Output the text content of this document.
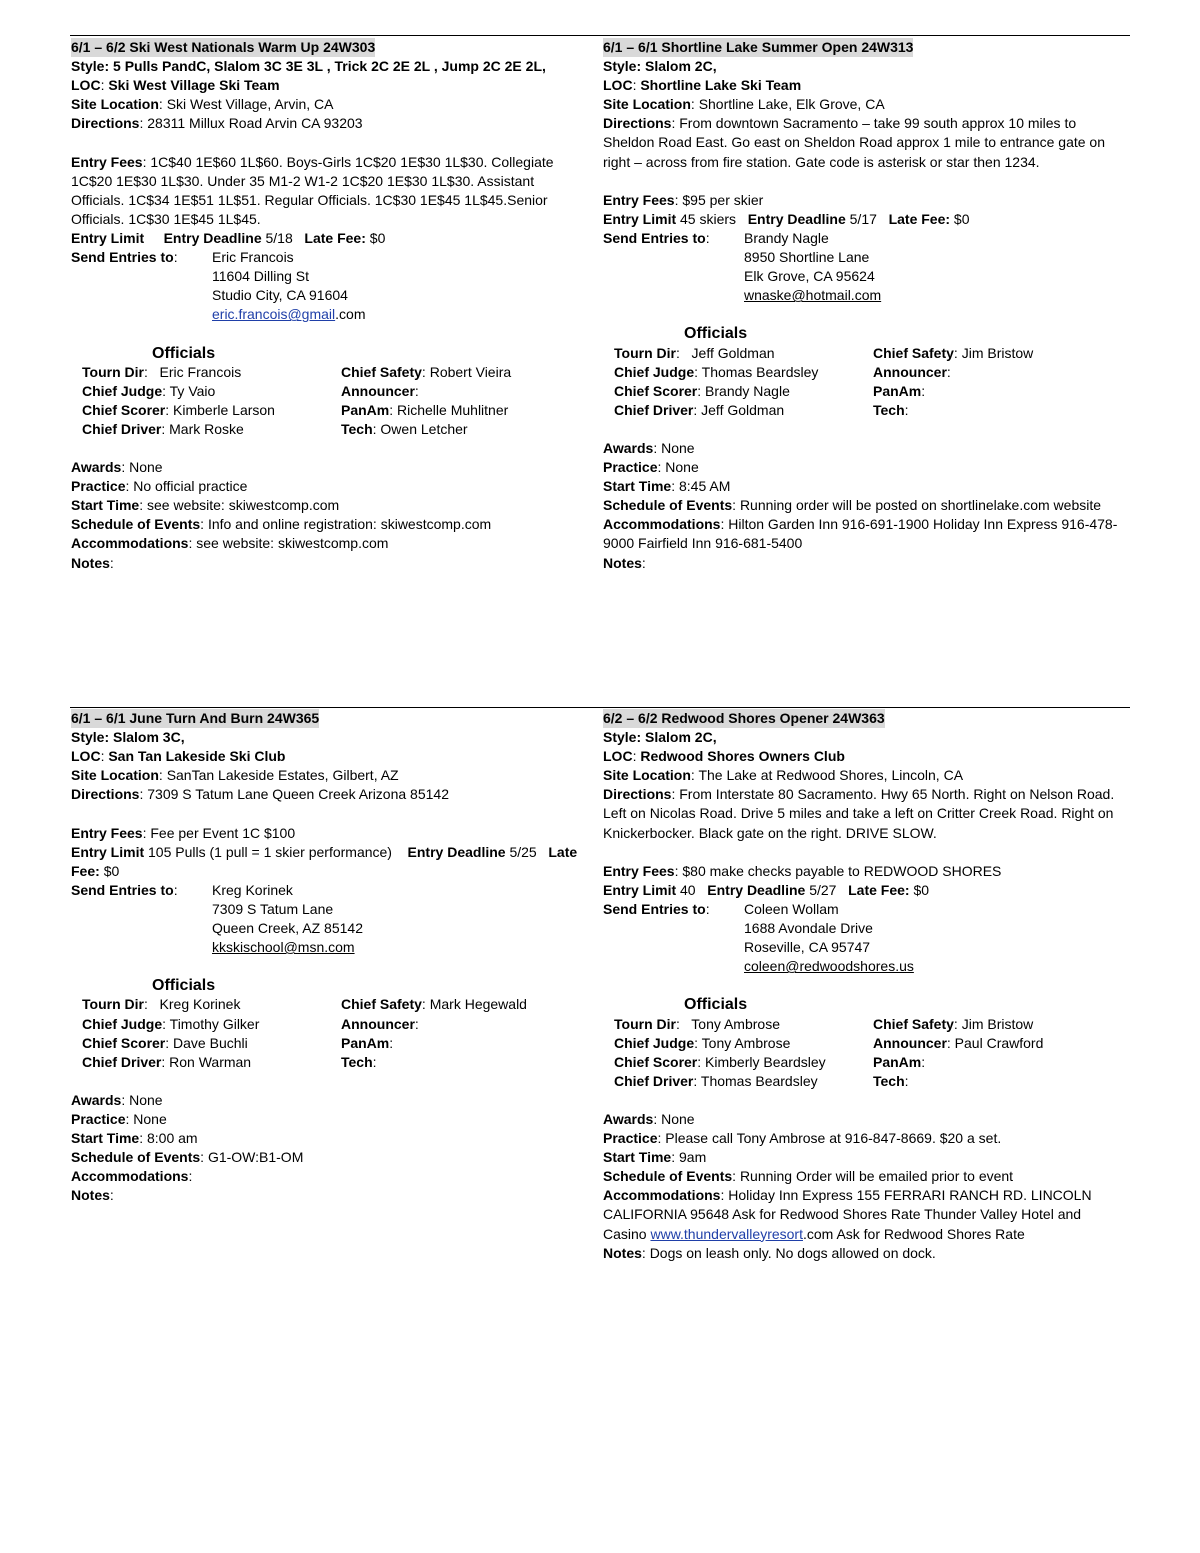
6/1 – 6/2 Ski West Nationals Warm Up 24W303
Style: 5 Pulls PandC, Slalom 3C 3E 3L , Trick 2C 2E 2L , Jump 2C 2E 2L,
LOC: Ski West Village Ski Team
Site Location: Ski West Village, Arvin, CA
Directions: 28311 Millux Road Arvin CA 93203
Entry Fees: 1C$40 1E$60 1L$60. Boys-Girls 1C$20 1E$30 1L$30. Collegiate 1C$20 1E$30 1L$30. Under 35 M1-2 W1-2 1C$20 1E$30 1L$30. Assistant Officials. 1C$34 1E$51 1L$51. Regular Officials. 1C$30 1E$45 1L$45.Senior Officials. 1C$30 1E$45 1L$45.
Entry Limit Entry Deadline 5/18 Late Fee: $0
Send Entries to: Eric Francois
11604 Dilling St
Studio City, CA 91604
eric.francois@gmail.com
Officials
Tourn Dir:   Eric Francois	Chief Safety: Robert Vieira
Chief Judge: Ty Vaio	Announcer:
Chief Scorer: Kimberle Larson	PanAm: Richelle Muhlitner
Chief Driver: Mark Roske	Tech: Owen Letcher
Awards: None
Practice: No official practice
Start Time: see website: skiwestcomp.com
Schedule of Events: Info and online registration: skiwestcomp.com
Accommodations: see website: skiwestcomp.com
Notes:
6/1 – 6/1 Shortline Lake Summer Open 24W313
Style: Slalom 2C,
LOC: Shortline Lake Ski Team
Site Location: Shortline Lake, Elk Grove, CA
Directions: From downtown Sacramento – take 99 south approx 10 miles to Sheldon Road East. Go east on Sheldon Road approx 1 mile to entrance gate on right – across from fire station. Gate code is asterisk or star then 1234.
Entry Fees: $95 per skier
Entry Limit 45 skiers Entry Deadline 5/17 Late Fee: $0
Send Entries to: Brandy Nagle
8950 Shortline Lane
Elk Grove, CA 95624
wnaske@hotmail.com
Officials
Tourn Dir:   Jeff Goldman	Chief Safety: Jim Bristow
Chief Judge: Thomas Beardsley	Announcer:
Chief Scorer: Brandy Nagle	PanAm:
Chief Driver: Jeff Goldman	Tech:
Awards: None
Practice: None
Start Time: 8:45 AM
Schedule of Events: Running order will be posted on shortlinelake.com website
Accommodations: Hilton Garden Inn 916-691-1900 Holiday Inn Express 916-478-9000 Fairfield Inn 916-681-5400
Notes:
6/1 – 6/1 June Turn And Burn 24W365
Style: Slalom 3C,
LOC: San Tan Lakeside Ski Club
Site Location: SanTan Lakeside Estates, Gilbert, AZ
Directions: 7309 S Tatum Lane Queen Creek Arizona 85142
Entry Fees: Fee per Event 1C $100
Entry Limit 105 Pulls (1 pull = 1 skier performance) Entry Deadline 5/25 Late Fee: $0
Send Entries to: Kreg Korinek
7309 S Tatum Lane
Queen Creek, AZ 85142
kkskischool@msn.com
Officials
Tourn Dir:   Kreg Korinek	Chief Safety: Mark Hegewald
Chief Judge: Timothy Gilker	Announcer:
Chief Scorer: Dave Buchli	PanAm:
Chief Driver: Ron Warman	Tech:
Awards: None
Practice: None
Start Time: 8:00 am
Schedule of Events: G1-OW:B1-OM
Accommodations:
Notes:
6/2 – 6/2 Redwood Shores Opener 24W363
Style: Slalom 2C,
LOC: Redwood Shores Owners Club
Site Location: The Lake at Redwood Shores, Lincoln, CA
Directions: From Interstate 80 Sacramento. Hwy 65 North. Right on Nelson Road. Left on Nicolas Road. Drive 5 miles and take a left on Critter Creek Road. Right on Knickerbocker. Black gate on the right. DRIVE SLOW.
Entry Fees: $80 make checks payable to REDWOOD SHORES
Entry Limit 40 Entry Deadline 5/27 Late Fee: $0
Send Entries to: Coleen Wollam
1688 Avondale Drive
Roseville, CA 95747
coleen@redwoodshores.us
Officials
Tourn Dir:   Tony Ambrose	Chief Safety: Jim Bristow
Chief Judge: Tony Ambrose	Announcer: Paul Crawford
Chief Scorer: Kimberly Beardsley	PanAm:
Chief Driver: Thomas Beardsley	Tech:
Awards: None
Practice: Please call Tony Ambrose at 916-847-8669. $20 a set.
Start Time: 9am
Schedule of Events: Running Order will be emailed prior to event
Accommodations: Holiday Inn Express 155 FERRARI RANCH RD. LINCOLN CALIFORNIA 95648 Ask for Redwood Shores Rate Thunder Valley Hotel and Casino www.thundervalleyresort.com Ask for Redwood Shores Rate
Notes: Dogs on leash only. No dogs allowed on dock.
